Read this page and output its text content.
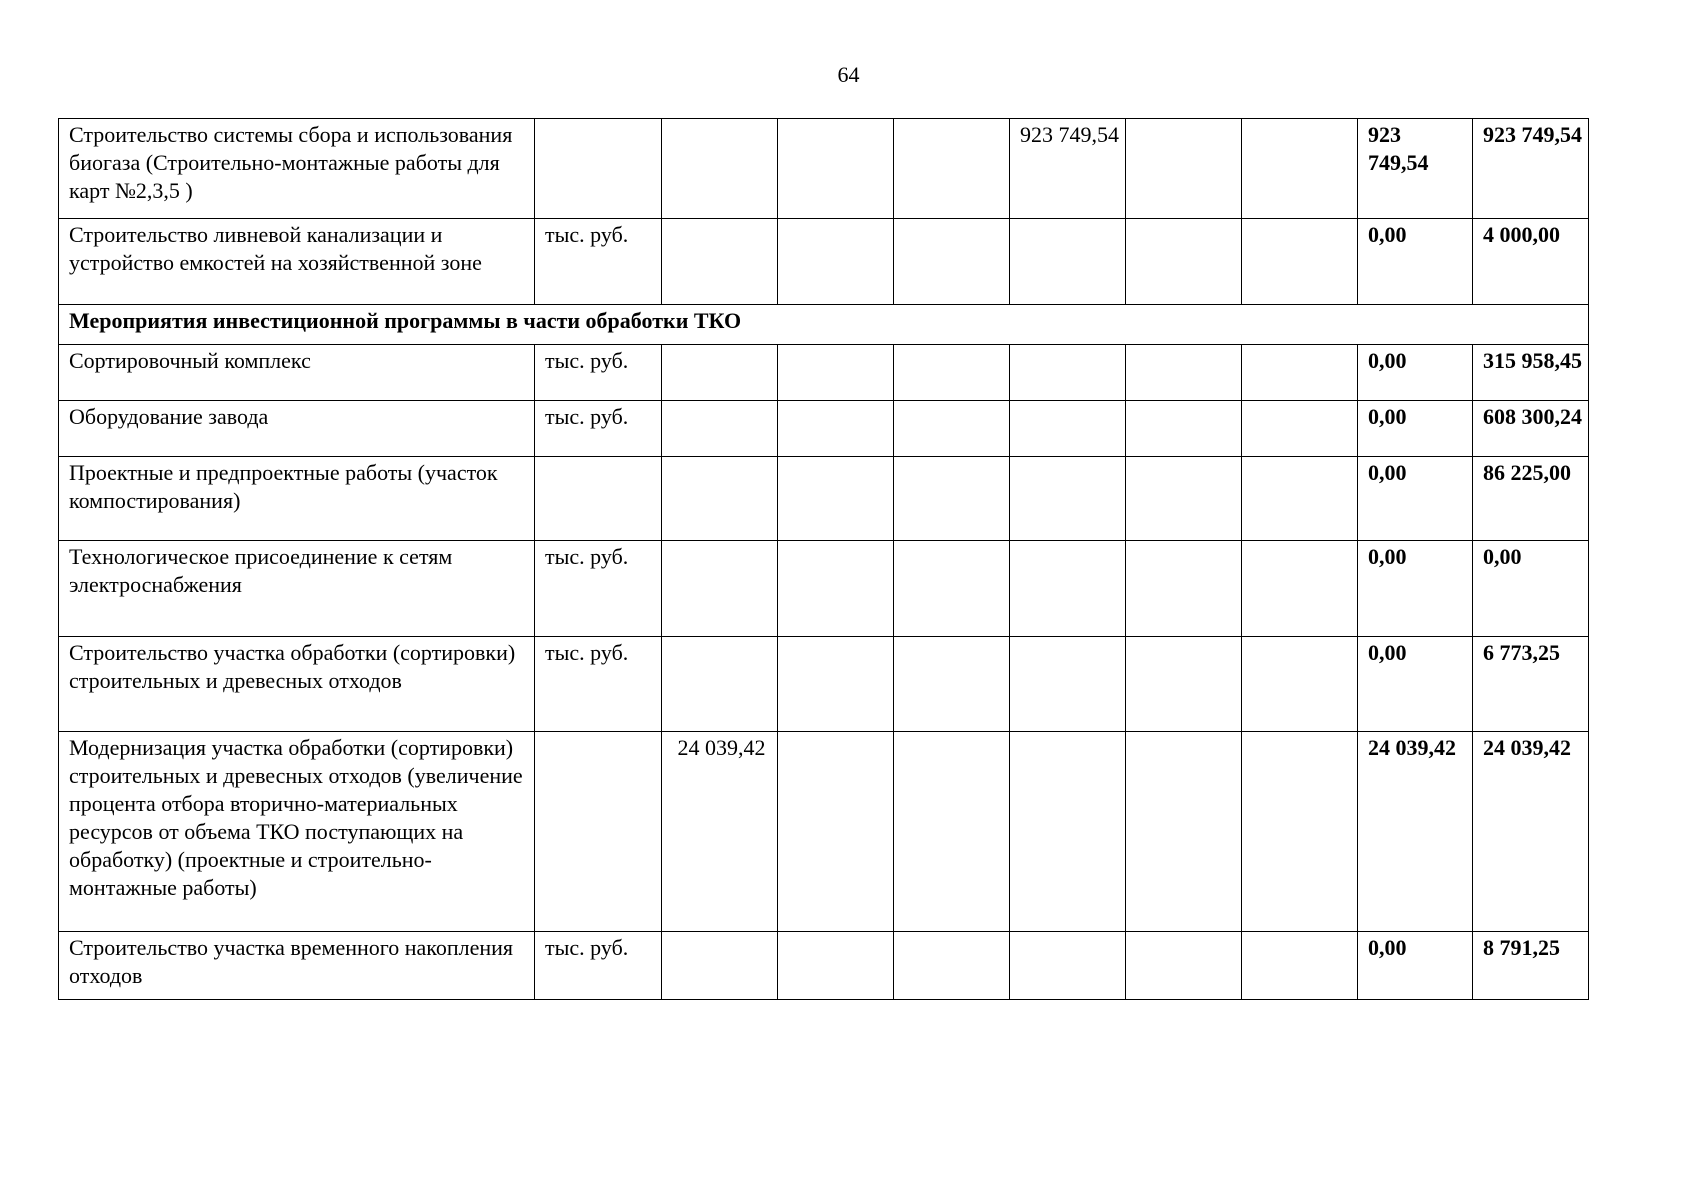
64
Строительство системы сбора и использования биогаза (Строительно-монтажные работы для карт №2,3,5 )					923 749,54			923 749,54	923 749,54
Строительство ливневой канализации и устройство емкостей на хозяйственной зоне	тыс. руб.							0,00	4 000,00
Мероприятия инвестиционной программы в части обработки ТКО									
Сортировочный комплекс	тыс. руб.							0,00	315 958,45
Оборудование завода	тыс. руб.							0,00	608 300,24
Проектные и предпроектные работы (участок компостирования)								0,00	86 225,00
Технологическое присоединение к сетям электроснабжения	тыс. руб.							0,00	0,00
Строительство участка обработки (сортировки) строительных и древесных отходов	тыс. руб.							0,00	6 773,25
Модернизация участка обработки (сортировки) строительных и древесных отходов (увеличение процента отбора вторично-материальных ресурсов от объема ТКО поступающих на обработку) (проектные и строительно-монтажные работы)		24 039,42						24 039,42	24 039,42
Строительство участка временного накопления отходов	тыс. руб.							0,00	8 791,25
